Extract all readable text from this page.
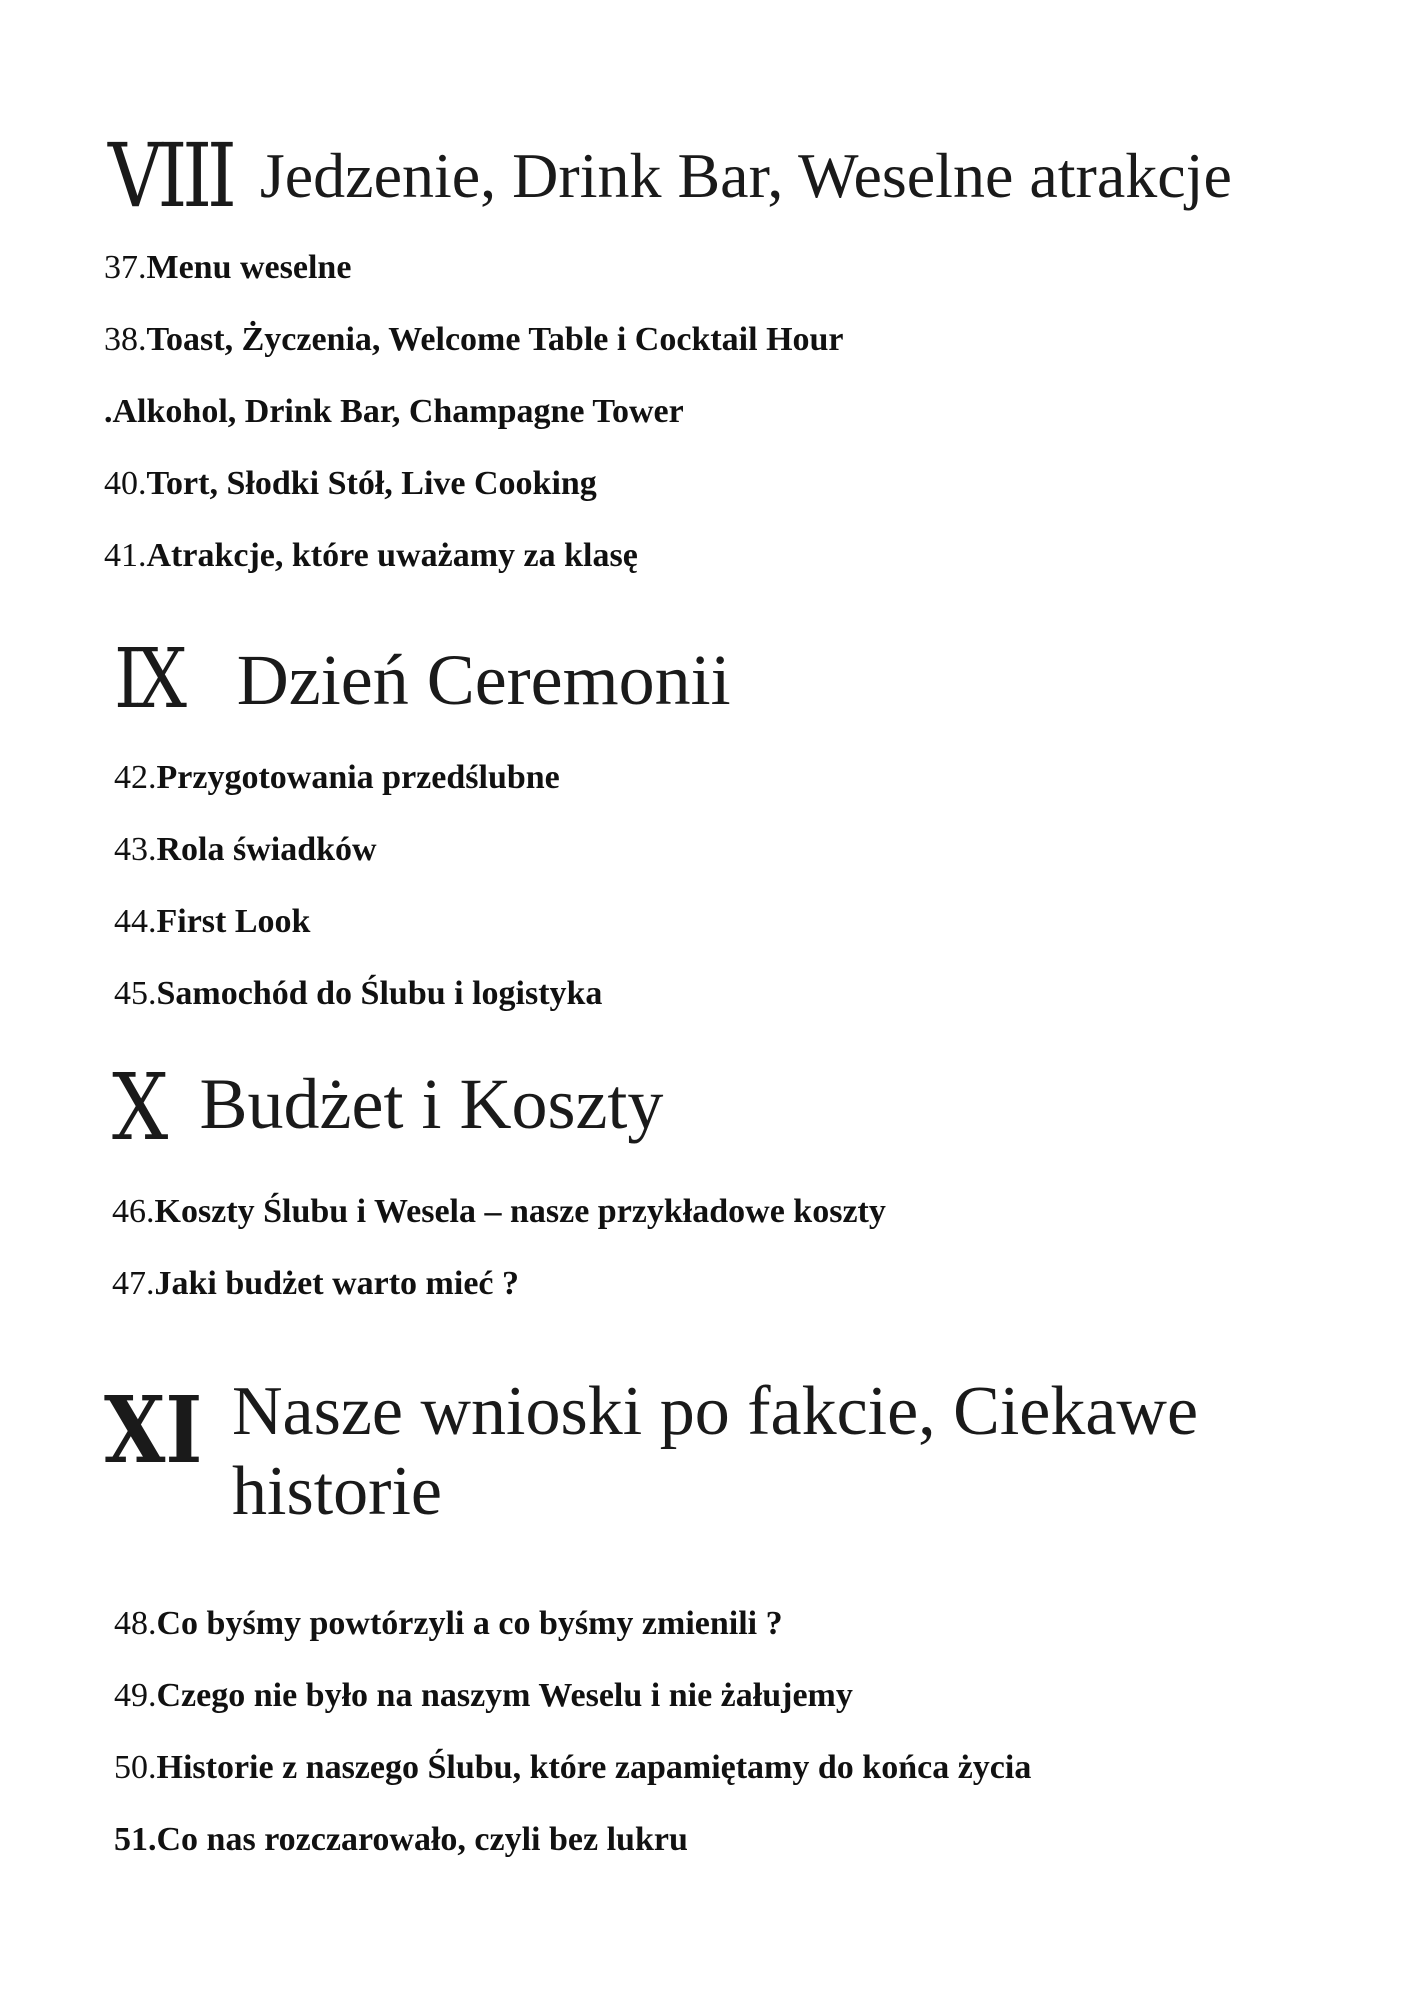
VIII Jedzenie, Drink Bar, Weselne atrakcje
37.Menu weselne
38.Toast, Życzenia, Welcome Table i Cocktail Hour
.Alkohol, Drink Bar, Champagne Tower
40.Tort, Słodki Stół, Live Cooking
41.Atrakcje, które uważamy za klasę
IX Dzień Ceremonii
42.Przygotowania przedślubne
43.Rola świadków
44.First Look
45.Samochód do Ślubu i logistyka
X Budżet i Koszty
46.Koszty Ślubu i Wesela – nasze przykładowe koszty
47.Jaki budżet warto mieć ?
XI Nasze wnioski po fakcie, Ciekawe
historie
48.Co byśmy powtórzyli a co byśmy zmienili ?
49.Czego nie było na naszym Weselu i nie żałujemy
50.Historie z naszego Ślubu, które zapamiętamy do końca życia
51.Co nas rozczarowało, czyli bez lukru
